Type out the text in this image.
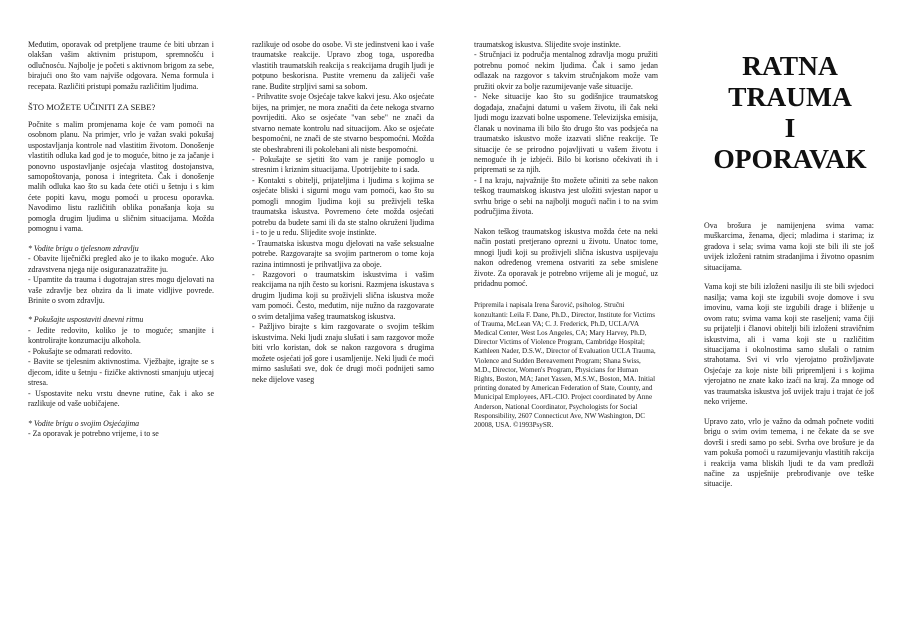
Međutim, oporavak od pretpljene traume će biti ubrzan i olakšan vašim aktivnim pristupom, spremnošću i odlučnosću. Najbolje je početi s aktivnom brigom za sebe, birajući ono što vam najviše odgovara. Nema formula i recepata. Različiti pristupi pomažu različitim ljudima.

ŠTO MOŽETE UČINITI ZA SEBE?

Počnite s malim promjenama koje će vam pomoći na osobnom planu. Na primjer, vrlo je važan svaki pokušaj uspostavljanja kontrole nad vlastitim životom. Donošenje vlastitih odluka kad god je to moguće, bitno je za jačanje i ponovno uspostavljanje osjećaja vlastitog dostojanstva, samopoštovanja, ponosa i integriteta. Čak i donošenje malih odluka kao što su kada ćete otići u šetnju i s kim ćete popiti kavu, mogu pomoći u procesu oporavka. Navodimo listu različitih oblika ponašanja koja su pomogla drugim ljudima u sličnim situacijama. Možda pomognu i vama.

* Vodite brigu o tjelesnom zdravlju

- Obavite liječnički pregled ako je to ikako moguće. Ako zdravstvena njega nije osiguranazatražite ju.

- Upamtite da trauma i dugotrajan stres mogu djelovati na vaše zdravlje bez obzira da li imate vidljive povrede. Brinite o svom zdravlju.

* Pokušajte uspostaviti dnevni ritmu

- Jedite redovito, koliko je to moguće; smanjite i kontrolirajte konzumaciju alkohola.

- Pokušajte se odmarati redovito.

- Bavite se tjelesnim aktivnostima. Vježbajte, igrajte se s djecom, idite u šetnju - fizičke aktivnosti smanjuju utjecaj stresa.

- Uspostavite neku vrstu dnevne rutine, čak i ako se razlikuje od vaše uobičajene.

* Vodite brigu o svojim Osjećajima

- Za oporavak je potrebno vrijeme, i to se

razlikuje od osobe do osobe. Vi ste jedinstveni kao i vaše traumatske reakcije. Upravo zbog toga, usporedba vlastitih traumatskih reakcija s reakcijama drugih ljudi je potpuno beskorisna. Pustite vremenu da zaliječi vaše rane. Budite strpljivi sami sa sobom.

- Prihvatite svoje Osjećaje takve kakvi jesu. Ako osjećate bijes, na primjer, ne mora značiti da ćete nekoga stvarno povrijediti. Ako se osjećate "van sebe" ne znači da stvarno nemate kontrolu nad situacijom. Ako se osjećate bespomoćni, ne znači de ste stvarno bespomoćni. Možda ste obeshrabreni ili pokolebani ali niste bespomoćni.

- Pokušajte se sjetiti što vam je ranije pomoglo u stresnim i kriznim situacijama. Upotrijebite to i sada.

- Kontakti s obitelji, prijateljima i ljudima s kojima se osjećate bliski i sigurni mogu vam pomoći, kao što su pomogli mnogim ljudima koji su preživjeli teška traumatska iskustva. Povremeno ćete možda osjećati potrebu da budete sami ili da ste stalno okruženi ljudima i - to je u redu. Slijedite svoje instinkte.

- Traumatska iskustva mogu djelovati na vaše seksualne potrebe. Razgovarajte sa svojim partnerom o tome koja razina intimnosti je prihvatljiva za oboje.

- Razgovori o traumatskim iskustvima i vašim reakcijama na njih često su korisni. Razmjena iskustava s drugim ljudima koji su proživjeli slična iskustva može vam pomoći. Često, međutim, nije nužno da razgovarate o svim detaljima vašeg traumatskog iskustva.

- Pažljivo birajte s kim razgovarate o svojim teškim iskustvima. Neki ljudi znaju slušati i sam razgovor može biti vrlo koristan, dok se nakon razgovora s drugima možete osjećati još gore i usamljenije. Neki ljudi će moći mirno saslušati sve, dok će drugi moći podnijeti samo neke dijelove vaseg

traumatskog iskustva. Slijedite svoje instinkte.

- Stručnjaci iz područja mentalnog zdravlja mogu pružiti potrebnu pomoć nekim ljudima. Čak i samo jedan odlazak na razgovor s takvim stručnjakom može vam pružiti okvir za bolje razumijevanje vaše situacije.

- Neke situacije kao što su godišnjice traumatskog događaja, značajni datumi u vašem životu, ili čak neki ljudi mogu izazvati bolne uspomene. Televizijska emisija, članak u novinama ili bilo što drugo što vas podsjeća na traumatsko iskustvo može izazvati slične reakcije. Te situacije će se prirodno pojavljivati u vašem životu i nemoguće ih je izbjeći. Bilo bi korisno očekivati ih i pripremati se za njih.

- I na kraju, najvažnije što možete učiniti za sebe nakon teškog traumatskog iskustva jest uložiti svjestan napor u svrhu brige o sebi na najbolji mogući način i to na svim područjima života.

Nakon teškog traumatskog iskustva možda ćete na neki način postati pretjerano oprezni u životu. Unatoc tome, mnogi ljudi koji su proživjeli slična iskustva uspijevaju nakon određenog vremena ostvariti za sebe smislene živote. Za oporavak je potrebno vrijeme ali je moguć, uz pridadnu pomoć.

Pripremila i napisala Irena Šarović, psiholog. Stručni konzultanti: Leila F. Dane, Ph.D., Director, Institute for Victims of Trauma, McLean VA; C. J. Frederick, Ph.D, UCLA/VA Medical Center, West Los Angeles, CA; Mary Harvey, Ph.D, Director Victims of Violence Program, Cambridge Hospital; Kathleen Nader, D.S.W., Director of Evaluation UCLA Trauma, Violence and Sudden Bereavement Program; Shana Swiss, M.D., Director, Women's Program, Physicians for Human Rights, Boston, MA; Janet Yassen, M.S.W., Boston, MA. Initial printing donated by American Federation of State, County, and Municipal Employees, AFL-CIO. Project coordinated by Anne Anderson, National Coordinator, Psychologists for Social Responsibility, 2607 Connecticut Ave, NW Washington, DC 20008, USA. ©1993PsySR.

RATNA
TRAUMA
I
OPORAVAK

Ova brošura je namijenjena svima vama: muškarcima, ženama, djeci; mladima i starima; iz gradova i sela; svima vama koji ste bili ili ste još uvijek izloženi ratnim stradanjima i životno opasnim situacijama.

Vama koji ste bili izloženi nasilju ili ste bili svjedoci nasilja; vama koji ste izgubili svoje domove i svu imovinu, vama koji ste izgubili drage i bliženje u ovom ratu; svima vama koji ste raseljeni; vama čiji su prijatelji i članovi obitelji bili izloženi stravičnim iskustvima, ali i vama koji ste u različitim situacijama i okolnostima samo slušali o ratnim strahotama. Svi vi vrlo vjerojatno proživljavate Osjećaje za koje niste bili pripremljeni i s kojima vjerojatno ne znate kako izaći na kraj. Za mnoge od vas traumatska iskustva još uvijek traju i trajat će još neko vrijeme.

Upravo zato, vrlo je važno da odmah počnete voditi brigu o svim ovim temema, i ne čekate da se sve dovrši i sredi samo po sebi. Svrha ove brošure je da vam pokuša pomoći u razumijevanju vlastitih rakcija i reakcija vama bliskih ljudi te da vam predloži načine za uspješnije prebrođivanje ove teške situacije.
